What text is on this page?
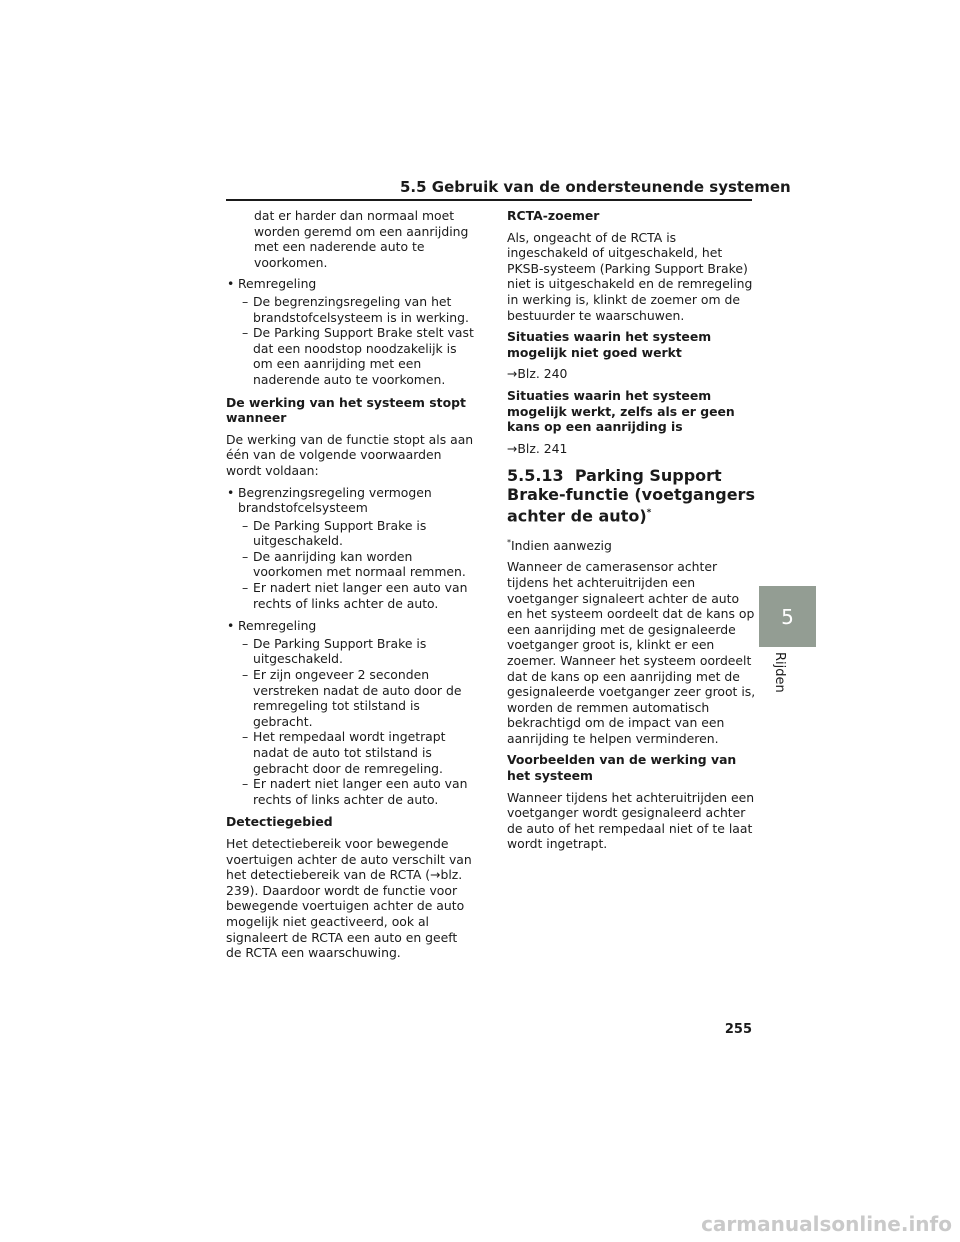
5.5 Gebruik van de ondersteunende systemen

dat er harder dan normaal moet worden geremd om een aanrijding met een naderende auto te voorkomen.

• Remregeling
– De begrenzingsregeling van het brandstofcelsysteem is in werking.
– De Parking Support Brake stelt vast dat een noodstop noodzakelijk is om een aanrijding met een naderende auto te voorkomen.

De werking van het systeem stopt wanneer

De werking van de functie stopt als aan één van de volgende voorwaarden wordt voldaan:

• Begrenzingsregeling vermogen brandstofcelsysteem
– De Parking Support Brake is uitgeschakeld.
– De aanrijding kan worden voorkomen met normaal remmen.
– Er nadert niet langer een auto van rechts of links achter de auto.
• Remregeling
– De Parking Support Brake is uitgeschakeld.
– Er zijn ongeveer 2 seconden verstreken nadat de auto door de remregeling tot stilstand is gebracht.
– Het rempedaal wordt ingetrapt nadat de auto tot stilstand is gebracht door de remregeling.
– Er nadert niet langer een auto van rechts of links achter de auto.

Detectiegebied

Het detectiebereik voor bewegende voertuigen achter de auto verschilt van het detectiebereik van de RCTA (→blz. 239). Daardoor wordt de functie voor bewegende voertuigen achter de auto mogelijk niet geactiveerd, ook al signaleert de RCTA een auto en geeft de RCTA een waarschuwing.

RCTA-zoemer

Als, ongeacht of de RCTA is ingeschakeld of uitgeschakeld, het PKSB-systeem (Parking Support Brake) niet is uitgeschakeld en de remregeling in werking is, klinkt de zoemer om de bestuurder te waarschuwen.

Situaties waarin het systeem mogelijk niet goed werkt

→Blz. 240

Situaties waarin het systeem mogelijk werkt, zelfs als er geen kans op een aanrijding is

→Blz. 241

5.5.13 Parking Support Brake-functie (voetgangers achter de auto)*

*Indien aanwezig

Wanneer de camerasensor achter tijdens het achteruitrijden een voetganger signaleert achter de auto en het systeem oordeelt dat de kans op een aanrijding met de gesignaleerde voetganger groot is, klinkt er een zoemer. Wanneer het systeem oordeelt dat de kans op een aanrijding met de gesignaleerde voetganger zeer groot is, worden de remmen automatisch bekrachtigd om de impact van een aanrijding te helpen verminderen.

Voorbeelden van de werking van het systeem

Wanneer tijdens het achteruitrijden een voetganger wordt gesignaleerd achter de auto of het rempedaal niet of te laat wordt ingetrapt.

5
Rijden
255
carmanualsonline.info
